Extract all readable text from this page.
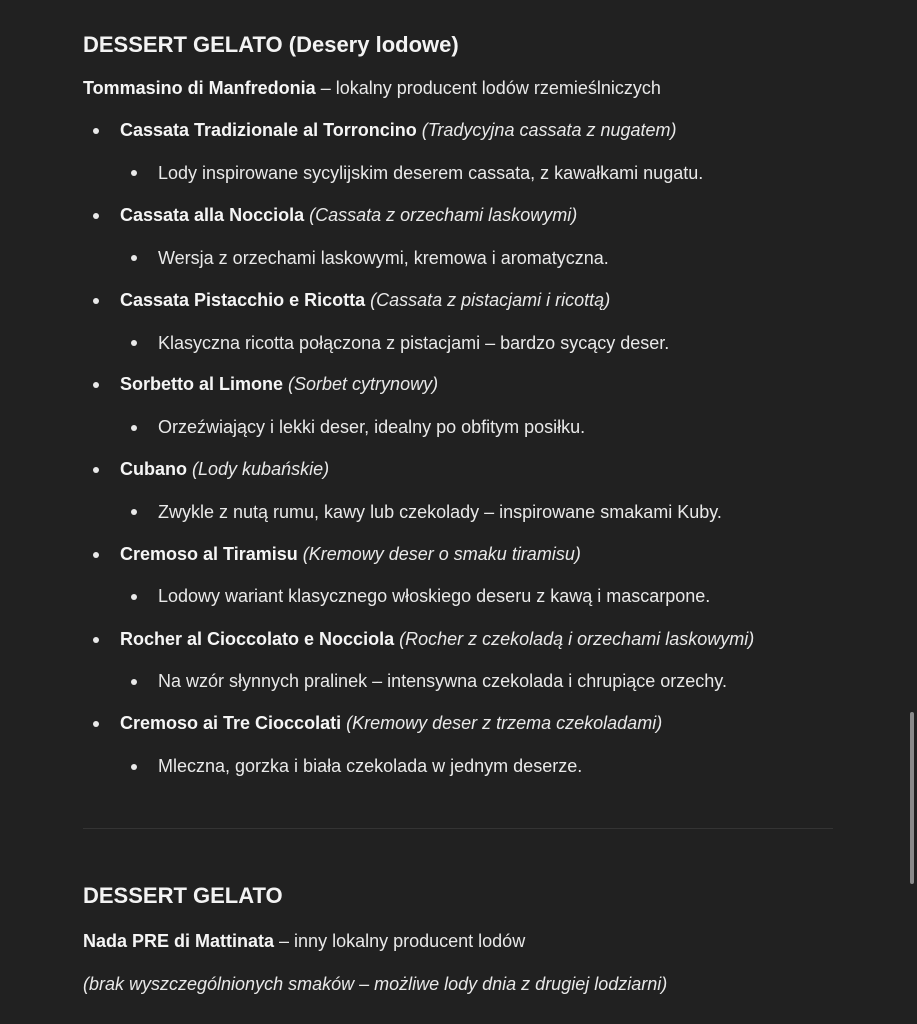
DESSERT GELATO (Desery lodowe)
Tommasino di Manfredonia – lokalny producent lodów rzemieślniczych
Cassata Tradizionale al Torroncino (Tradycyjna cassata z nugatem)
Lody inspirowane sycylijskim deserem cassata, z kawałkami nugatu.
Cassata alla Nocciola (Cassata z orzechami laskowymi)
Wersja z orzechami laskowymi, kremowa i aromatyczna.
Cassata Pistacchio e Ricotta (Cassata z pistacjami i ricottą)
Klasyczna ricotta połączona z pistacjami – bardzo sycący deser.
Sorbetto al Limone (Sorbet cytrynowy)
Orzeźwiający i lekki deser, idealny po obfitym posiłku.
Cubano (Lody kubańskie)
Zwykle z nutą rumu, kawy lub czekolady – inspirowane smakami Kuby.
Cremoso al Tiramisu (Kremowy deser o smaku tiramisu)
Lodowy wariant klasycznego włoskiego deseru z kawą i mascarpone.
Rocher al Cioccolato e Nocciola (Rocher z czekoladą i orzechami laskowymi)
Na wzór słynnych pralinek – intensywna czekolada i chrupiące orzechy.
Cremoso ai Tre Cioccolati (Kremowy deser z trzema czekoladami)
Mleczna, gorzka i biała czekolada w jednym deserze.
DESSERT GELATO
Nada PRE di Mattinata – inny lokalny producent lodów
(brak wyszczególnionych smaków – możliwe lody dnia z drugiej lodziarni)
